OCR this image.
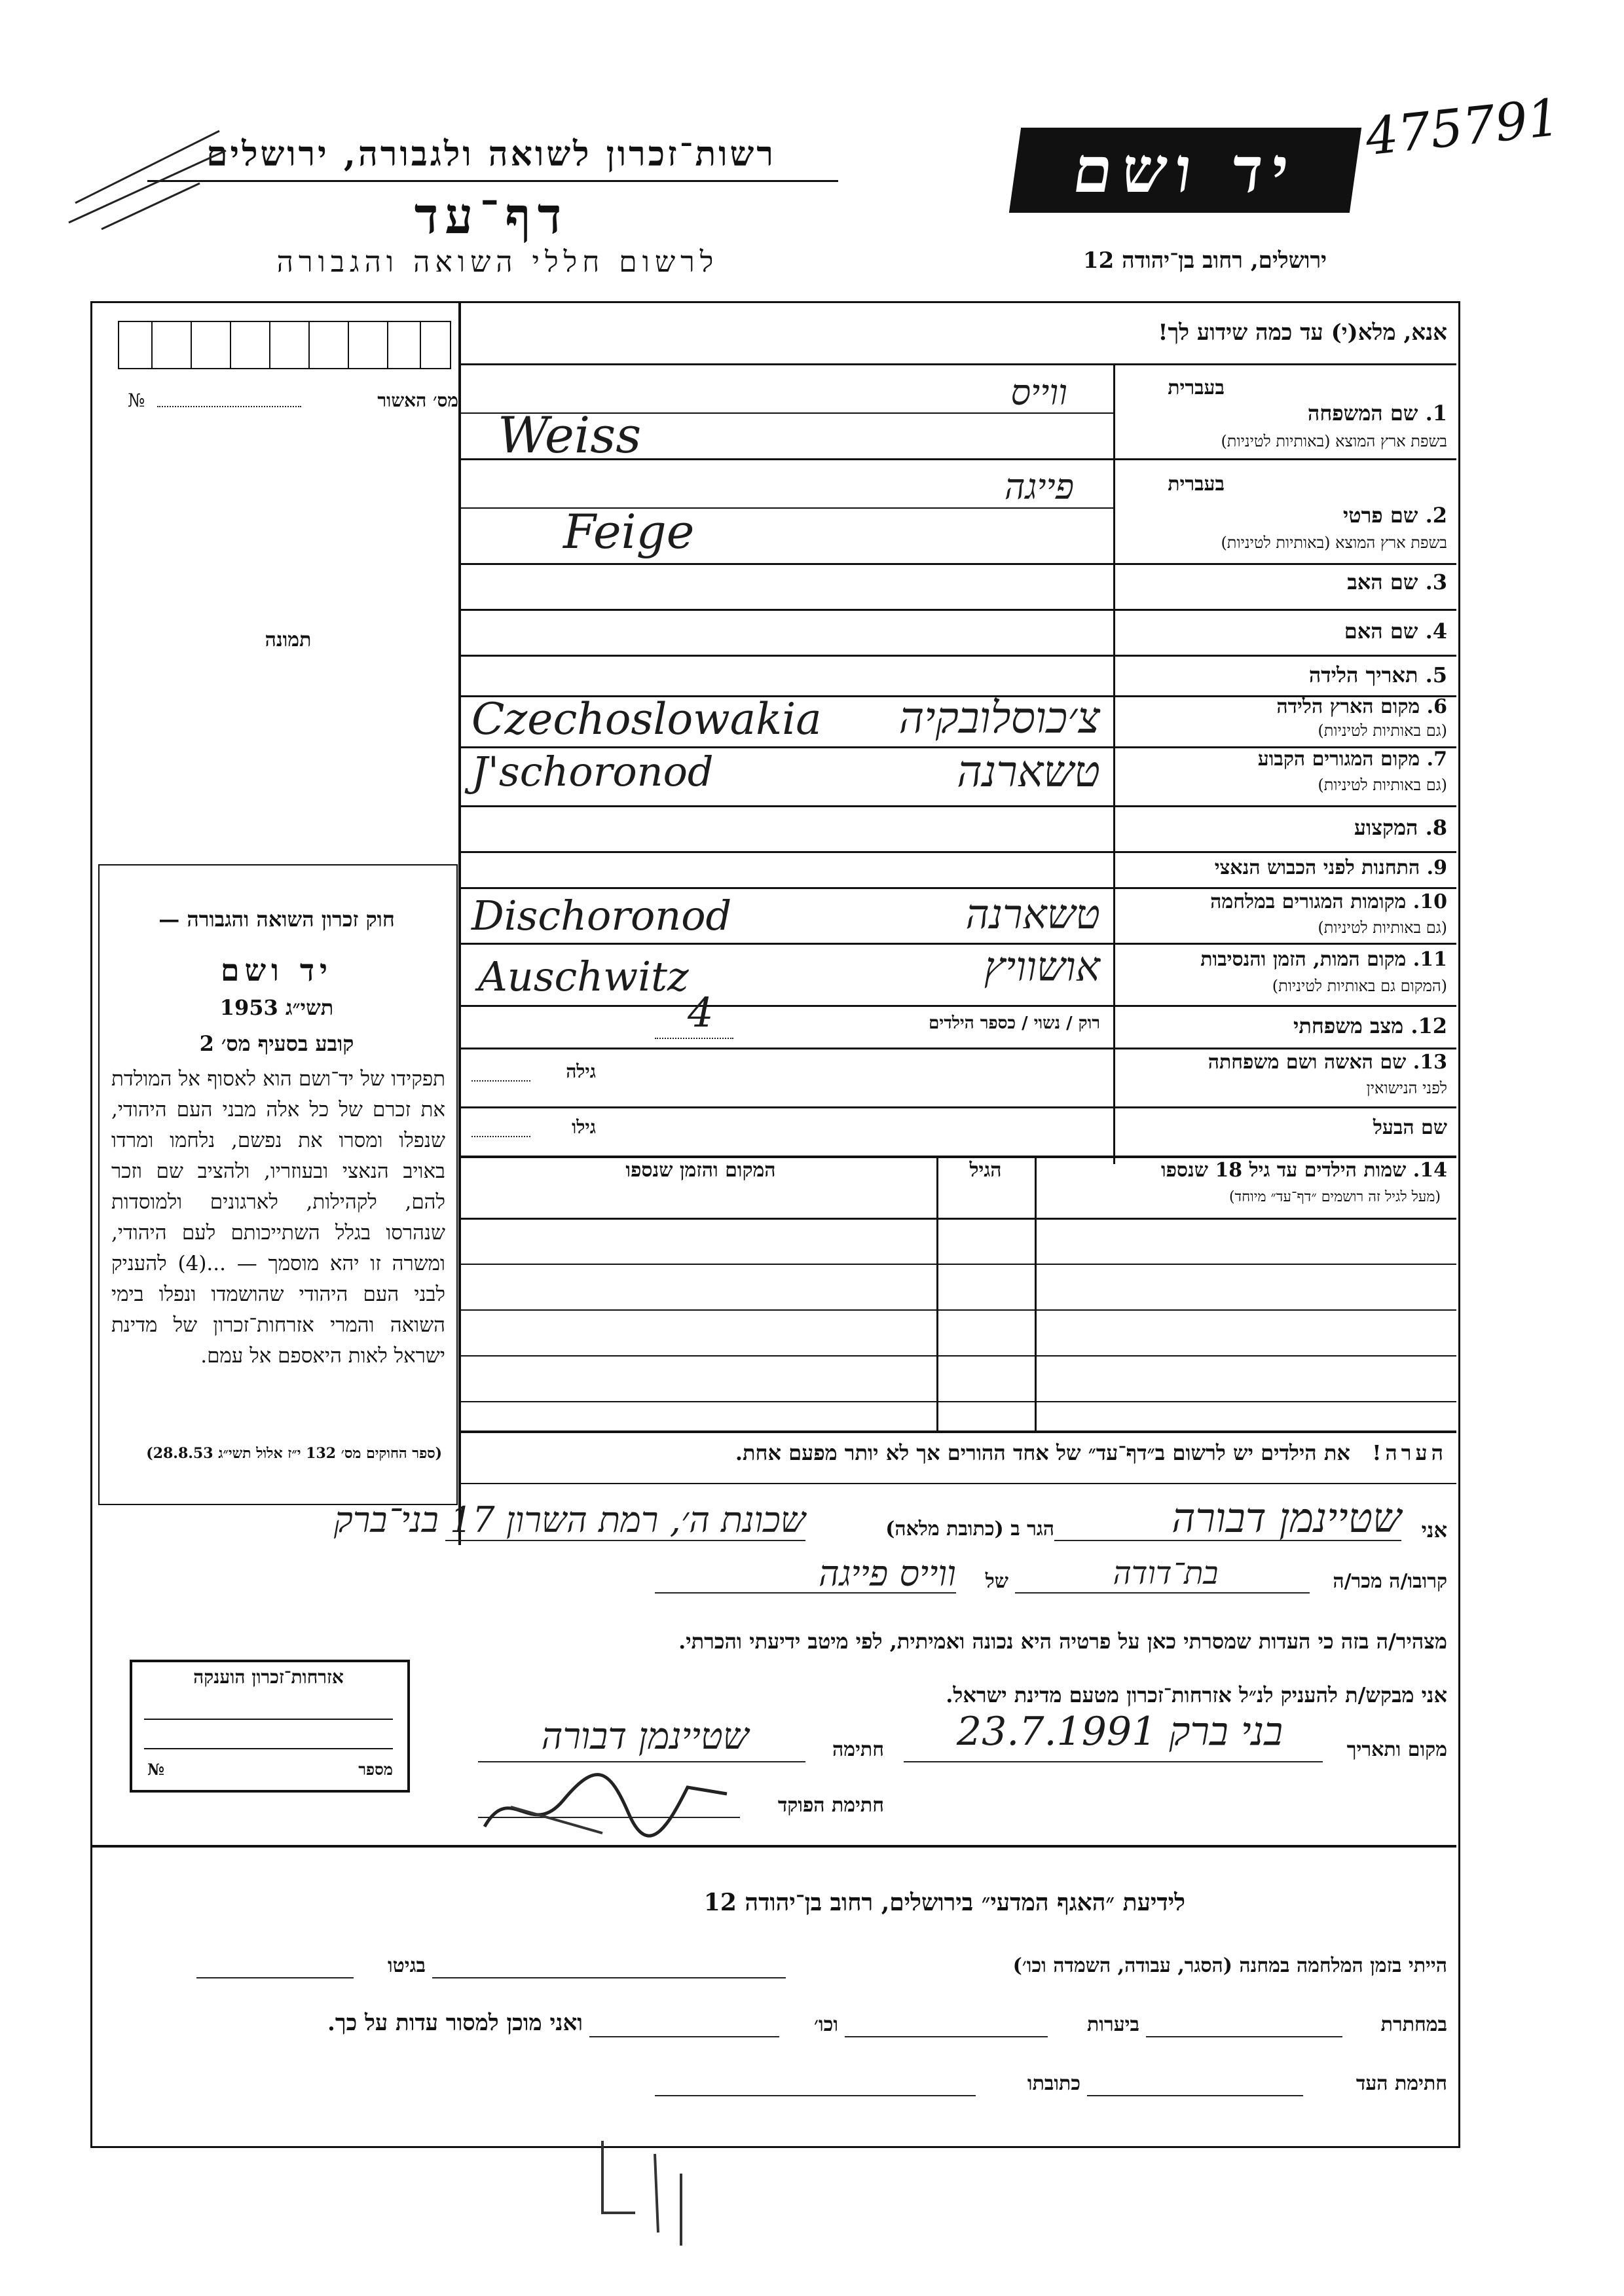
475791
רשות־זכרון לשואה ולגבורה, ירושלים
דף־עד
לרשום חללי השואה והגבורה
יד ושם
ירושלים, רחוב בן־יהודה 12
אנא, מלא(י) עד כמה שידוע לך!
מס׳ האשור
№
תמונה
חוק זכרון השואה והגבורה —
יד ושם
תשי״ג 1953
קובע בסעיף מס׳ 2
תפקידו של יד־ושם הוא לאסוף אל המולדת את זכרם של כל אלה מבני העם היהודי, שנפלו ומסרו את נפשם, נלחמו ומרדו באויב הנאצי ובעוזריו, ולהציב שם וזכר להם, לקהילות, לארגונים ולמוסדות שנהרסו בגלל השתייכותם לעם היהודי, ומשרה זו יהא מוסמך — ...(4) להעניק לבני העם היהודי שהושמדו ונפלו בימי השואה והמרי אזרחות־זכרון של מדינת ישראל לאות היאספם אל עמם.
(ספר החוקים מס׳ 132 י״ז אלול תשי״ג 28.8.53)
1. שם המשפחה
בעברית
בשפת ארץ המוצא (באותיות לטיניות)
ווייס
Weiss
בעברית
2. שם פרטי
בשפת ארץ המוצא (באותיות לטיניות)
פייגה
Feige
3. שם האב
4. שם האם
5. תאריך הלידה
6. מקום הארץ הלידה
(גם באותיות לטיניות)
צ׳כוסלובקיה
Czechoslowakia
7. מקום המגורים הקבוע
(גם באותיות לטיניות)
טשארנה
J'schoronod
8. המקצוע
9. התחנות לפני הכבוש הנאצי
10. מקומות המגורים במלחמה
(גם באותיות לטיניות)
טשארנה
Dischoronod
11. מקום המות, הזמן והנסיבות
(המקום גם באותיות לטיניות)
אושוויץ
Auschwitz
12. מצב משפחתי
רוק / נשוי / כספר הילדים
4
13. שם האשה ושם משפחתה
לפני הנישואין
גילה
שם הבעל
גילו
14. שמות הילדים עד גיל 18 שנספו
(מעל לגיל זה רושמים ״דף־עד״ מיוחד)
הגיל
המקום והזמן שנספו
הערה!   את הילדים יש לרשום ב״דף־עד״ של אחד ההורים אך לא יותר מפעם אחת.
אני
שטיינמן דבורה
הגר ב (כתובת מלאה)
שכונת ה׳, רמת השרון 17 בני־ברק
קרובו/ה מכר/ה
בת־דודה
של
ווייס פייגה
מצהיר/ה בזה כי העדות שמסרתי כאן על פרטיה היא נכונה ואמיתית, לפי מיטב ידיעתי והכרתי.
אני מבקש/ת להעניק לנ״ל אזרחות־זכרון מטעם מדינת ישראל.
מקום ותאריך
בני ברק 23.7.1991
חתימה
שטיינמן דבורה
חתימת הפוקד
אזרחות־זכרון הוענקה
מספר
№
לידיעת ״האגף המדעי״ בירושלים, רחוב בן־יהודה 12
הייתי בזמן המלחמה במחנה (הסגר, עבודה, השמדה וכו׳)
בגיטו
במחתרת
ביערות
וכו׳
ואני מוכן למסור עדות על כך.
חתימת העד
כתובתו
